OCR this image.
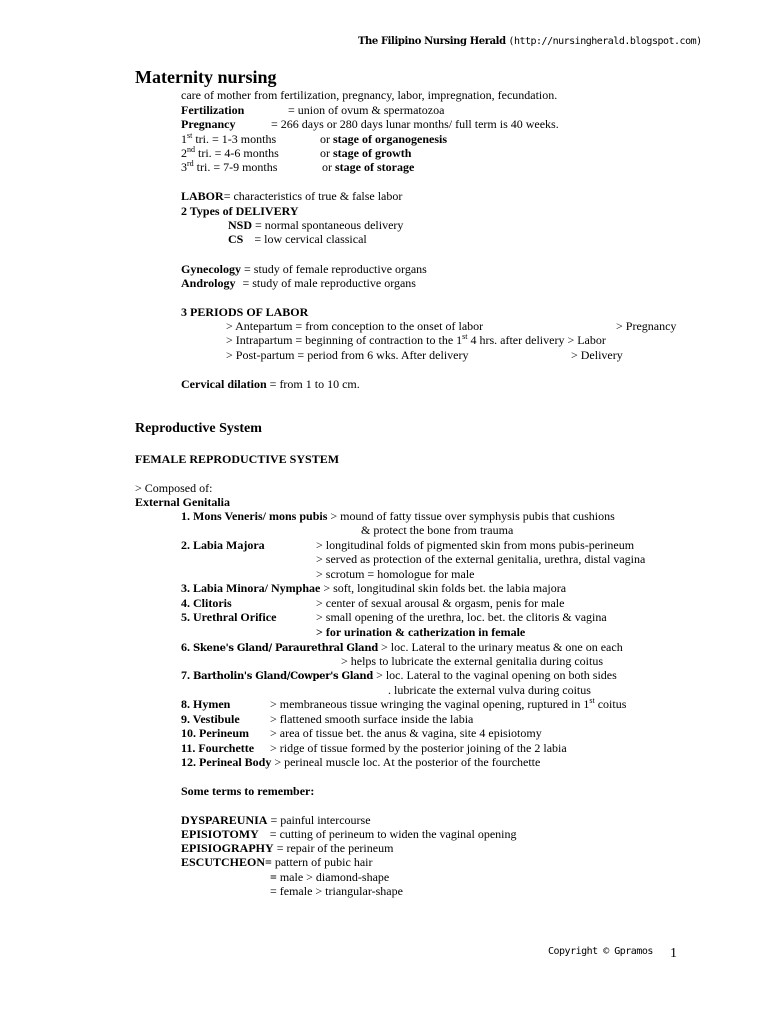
The Filipino Nursing Herald (http://nursingherald.blogspot.com)
Maternity nursing
care of mother from fertilization, pregnancy, labor, impregnation, fecundation.
Fertilization	= union of ovum & spermatozoa
Pregnancy	= 266 days or 280 days lunar months/ full term is 40 weeks.
1st tri. = 1-3 months	or stage of organogenesis
2nd tri. = 4-6 months	or stage of growth
3rd tri. = 7-9 months	or stage of storage
LABOR= characteristics of true & false labor
2 Types of DELIVERY
NSD = normal spontaneous delivery
CS = low cervical classical
Gynecology = study of female reproductive organs
Andrology = study of male reproductive organs
3 PERIODS OF LABOR
> Antepartum = from conception to the onset of labor	> Pregnancy
> Intrapartum = beginning of contraction to the 1st 4 hrs. after delivery > Labor
> Post-partum = period from 6 wks. After delivery	> Delivery
Cervical dilation = from 1 to 10 cm.
Reproductive System
FEMALE REPRODUCTIVE SYSTEM
> Composed of:
External Genitalia
1. Mons Veneris/ mons pubis > mound of fatty tissue over symphysis pubis that cushions
& protect the bone from trauma
2. Labia Majora	> longitudinal folds of pigmented skin from mons pubis-perineum
> served as protection of the external genitalia, urethra, distal vagina
> scrotum = homologue for male
3. Labia Minora/ Nymphae > soft, longitudinal skin folds bet. the labia majora
4. Clitoris	> center of sexual arousal & orgasm, penis for male
5. Urethral Orifice	> small opening of the urethra, loc. bet. the clitoris & vagina
> for urination & catherization in female
6. Skene's Gland/ Paraurethral Gland > loc. Lateral to the urinary meatus & one on each
> helps to lubricate the external genitalia during coitus
7. Bartholin's Gland/Cowper's Gland > loc. Lateral to the vaginal opening on both sides
. lubricate the external vulva during coitus
8. Hymen	> membraneous tissue wringing the vaginal opening, ruptured in 1st coitus
9. Vestibule	> flattened smooth surface inside the labia
10. Perineum > area of tissue bet. the anus & vagina, site 4 episiotomy
11. Fourchette > ridge of tissue formed by the posterior joining of the 2 labia
12. Perineal Body > perineal muscle loc. At the posterior of the fourchette
Some terms to remember:
DYSPAREUNIA = painful intercourse
EPISIOTOMY = cutting of perineum to widen the vaginal opening
EPISIOGRAPHY = repair of the perineum
ESCUTCHEON= pattern of pubic hair
= male > diamond-shape
= female > triangular-shape
Copyright © Gpramos 1
